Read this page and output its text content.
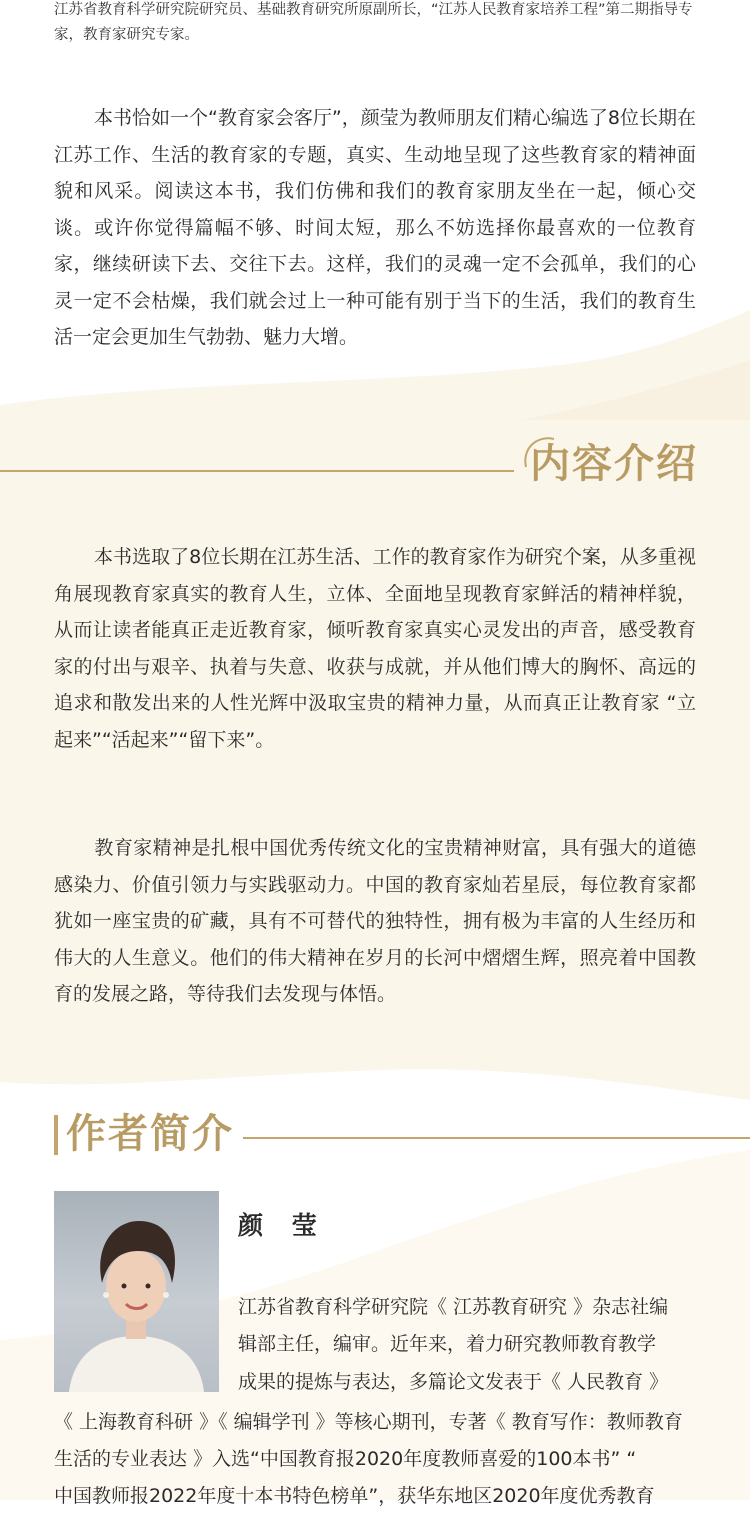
江苏省教育科学研究院研究员、基础教育研究所原副所长，“江苏人民教育家培养工程”第二期指导专家，教育家研究专家。
本书恰如一个“教育家会客厅”，颜莹为教师朋友们精心编选了8位长期在江苏工作、生活的教育家的专题，真实、生动地呈现了这些教育家的精神面貌和风采。阅读这本书，我们仿佛和我们的教育家朋友坐在一起，倾心交谈。或许你觉得篇幅不够、时间太短，那么不妨选择你最喜欢的一位教育家，继续研读下去、交往下去。这样，我们的灵魂一定不会孤单，我们的心灵一定不会枯燥，我们就会过上一种可能有别于当下的生活，我们的教育生活一定会更加生气勃勃、魅力大增。
内容介绍
本书选取了8位长期在江苏生活、工作的教育家作为研究个案，从多重视角展现教育家真实的教育人生，立体、全面地呈现教育家鲜活的精神样貌，从而让读者能真正走近教育家，倾听教育家真实心灵发出的声音，感受教育家的付出与艰辛、执着与失意、收获与成就，并从他们博大的胸怀、高远的追求和散发出来的人性光辉中汲取宝贵的精神力量，从而真正让教育家 “立起来”“活起来”“留下来”。
教育家精神是扎根中国优秀传统文化的宝贵精神财富，具有强大的道德感染力、价值引领力与实践驱动力。中国的教育家灿若星辰，每位教育家都犹如一座宝贵的矿藏，具有不可替代的独特性，拥有极为丰富的人生经历和伟大的人生意义。他们的伟大精神在岁月的长河中熠熠生辉，照亮着中国教育的发展之路，等待我们去发现与体悟。
作者简介
颜 莹
江苏省教育科学研究院《 江苏教育研究 》杂志社编
辑部主任，编审。近年来，着力研究教师教育教学
成果的提炼与表达，多篇论文发表于《 人民教育 》
《 上海教育科研 》《 编辑学刊 》等核心期刊，专著《 教育写作：教师教育
生活的专业表达 》入选“中国教育报2020年度教师喜爱的100本书” “
中国教师报2022年度十本书特色榜单”，获华东地区2020年度优秀教育
